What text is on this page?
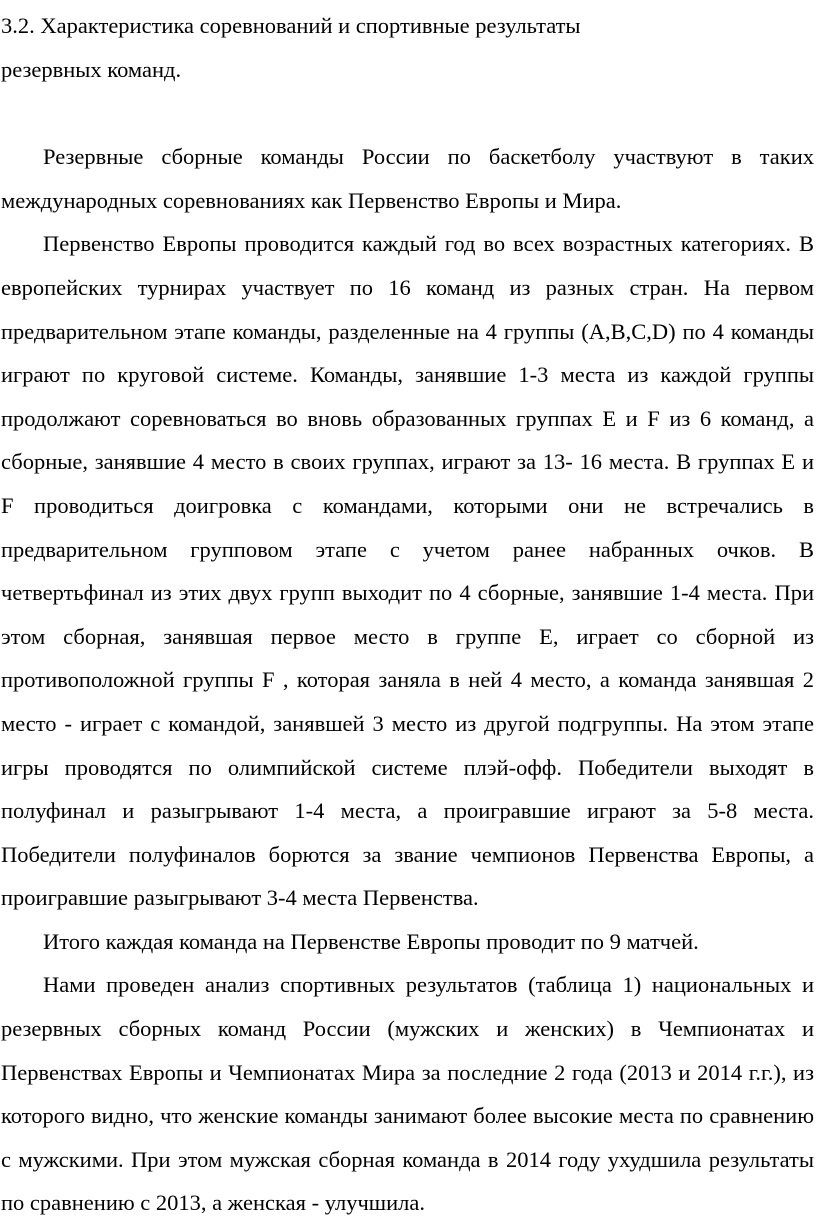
3.2. Характеристика соревнований и спортивные результаты резервных команд.

Резервные сборные команды России по баскетболу участвуют в таких международных соревнованиях как Первенство Европы и Мира.

Первенство Европы проводится каждый год во всех возрастных категориях. В европейских турнирах участвует по 16 команд из разных стран. На первом предварительном этапе команды, разделенные на 4 группы (A,B,C,D) по 4 команды играют по круговой системе. Команды, занявшие 1-3 места из каждой группы продолжают соревноваться во вновь образованных группах E и F из 6 команд, а сборные, занявшие 4 место в своих группах, играют за 13- 16 места. В группах E и F проводиться доигровка с командами, которыми они не встречались в предварительном групповом этапе с учетом ранее набранных очков. В четвертьфинал из этих двух групп выходит по 4 сборные, занявшие 1-4 места. При этом сборная, занявшая первое место в группе E, играет со сборной из противоположной группы F , которая заняла в ней 4 место, а команда занявшая 2 место - играет с командой, занявшей 3 место из другой подгруппы. На этом этапе игры проводятся по олимпийской системе плэй-офф. Победители выходят в полуфинал и разыгрывают 1-4 места, а проигравшие играют за 5-8 места. Победители полуфиналов борются за звание чемпионов Первенства Европы, а проигравшие разыгрывают 3-4 места Первенства.

Итого каждая команда на Первенстве Европы проводит по 9 матчей.

Нами проведен анализ спортивных результатов (таблица 1) национальных и резервных сборных команд России (мужских и женских) в Чемпионатах и Первенствах Европы и Чемпионатах Мира за последние 2 года (2013 и 2014 г.г.), из которого видно, что женские команды занимают более высокие места по сравнению с мужскими. При этом мужская сборная команда в 2014 году ухудшила результаты по сравнению с 2013, а женская - улучшила.
